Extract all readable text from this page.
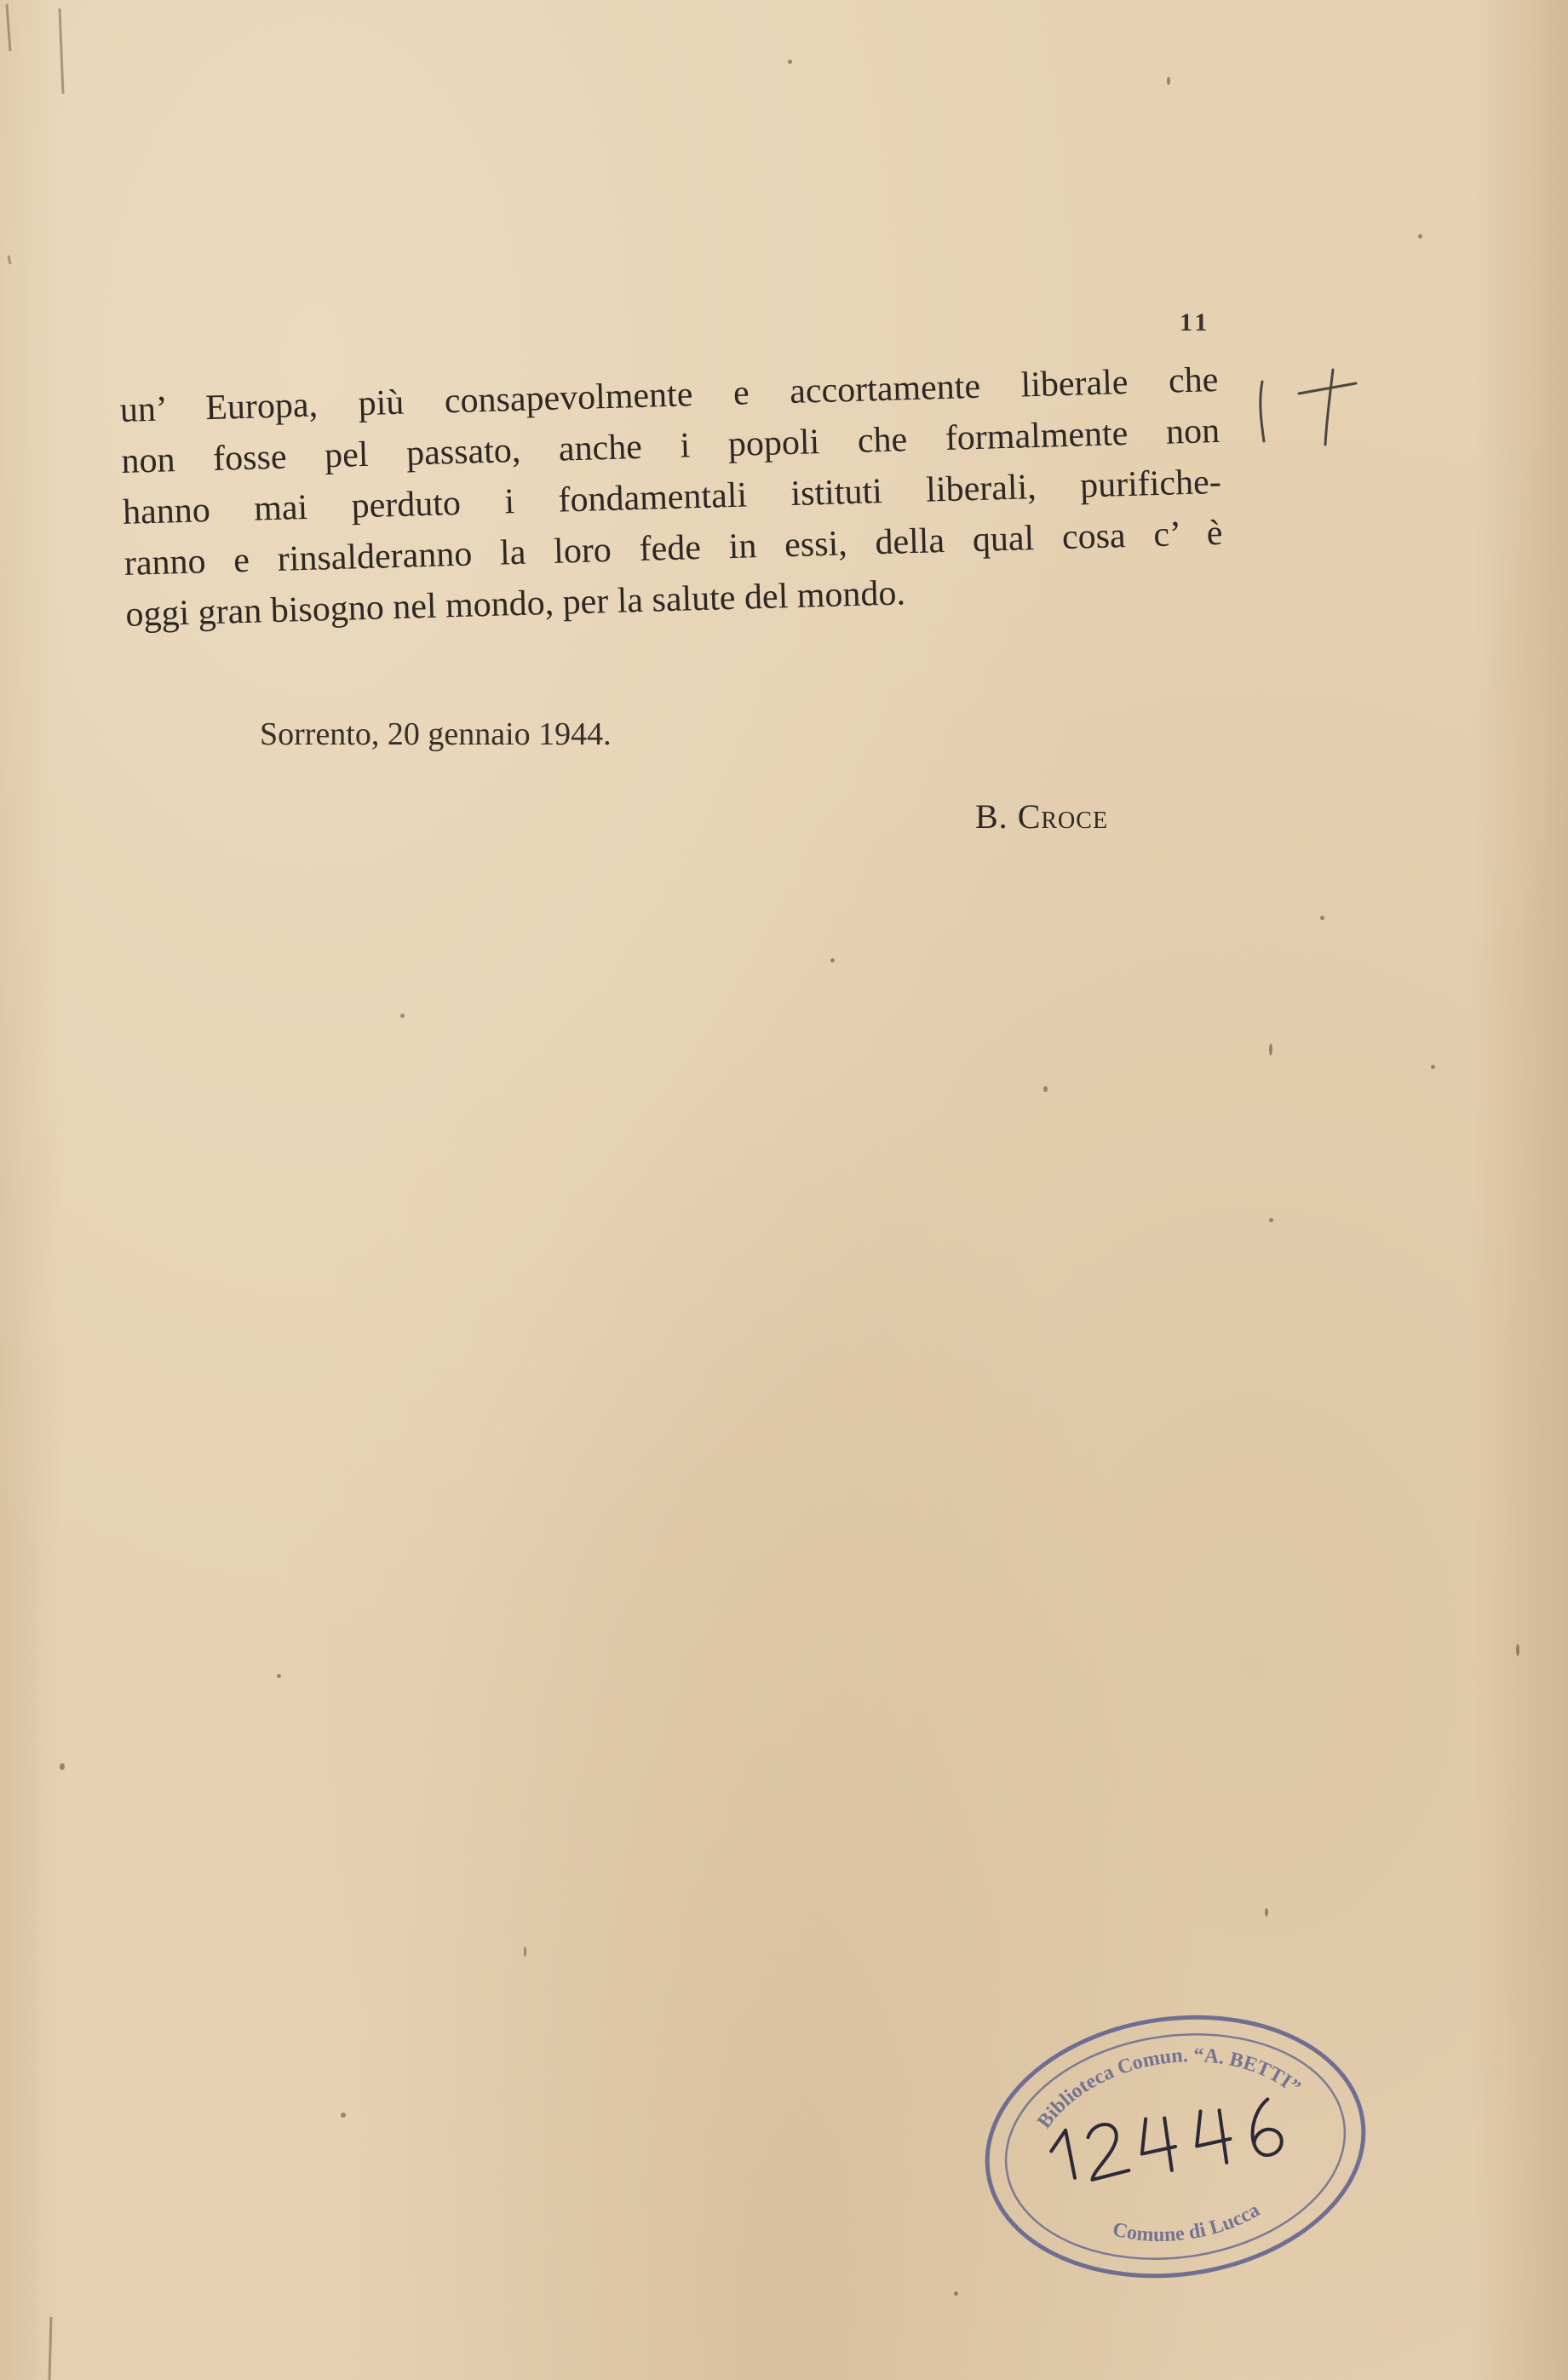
11
un’ Europa, più consapevolmente e accortamente liberale che
non fosse pel passato, anche i popoli che formalmente non
hanno mai perduto i fondamentali istituti liberali, purifiche-
ranno e rinsalderanno la loro fede in essi, della qual cosa c’ è
oggi gran bisogno nel mondo, per la salute del mondo.
Sorrento, 20 gennaio 1944.
B. Croce
Biblioteca Comun. “A. BETTI”
Comune di Lucca
